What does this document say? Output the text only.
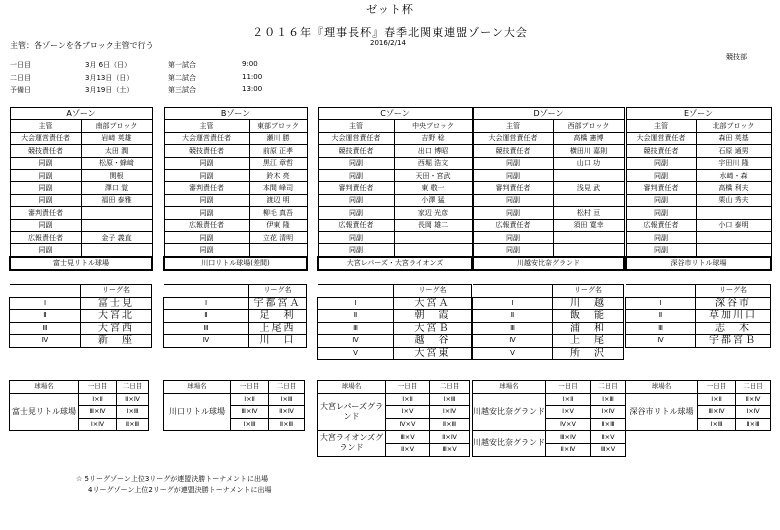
ゼット杯
２０１６年『理事長杯』春季北関東連盟ゾーン大会
2016/2/14
主管：各ゾーンを各ブロック主管で行う
競技部
一日目	3月 6日（日）	第一試合	9:00
二日目	3月13日（日）	第二試合	11:00
予備日	3月19日（土）	第三試合	13:00
Aゾーン	
主管	南部ブロック
大会運営責任者	岩﨑 英雄
競技責任者	太田 潤
同副	松原・蜂﨑
同副	関根
同副	澤口 覚
同副	福田 泰雅
審判責任者	
同副	
広報責任者	金子 義直
同副	
富士見リトル球場	
	リーグ名
Ⅰ	富士見
Ⅱ	大宮北
Ⅲ	大宮西
Ⅳ	新　座
球場名	一日目	二日目
富士見リトル球場	Ⅰ×Ⅱ	Ⅱ×Ⅳ
	Ⅲ×Ⅳ	Ⅰ×Ⅲ
	Ⅰ×Ⅳ	Ⅱ×Ⅲ
Bゾーン	
主管	東部ブロック
大会運営責任者	瀬川 勝
競技責任者	前原 正孝
同副	黒江 章哲
同副	鈴木 亮
審判責任者	本間 峰司
同副	渡辺 明
同副	柳毛 真吾
広報責任者	伊東 隆
同副	立花 清明
同副	
川口リトル球場(差間)	
	リーグ名
Ⅰ	宇都宮Ａ
Ⅱ	足　利
Ⅲ	上尾西
Ⅳ	川　口
球場名	一日目	二日目
川口リトル球場	Ⅰ×Ⅱ	Ⅰ×Ⅲ
	Ⅲ×Ⅳ	Ⅱ×Ⅳ
	Ⅰ×Ⅲ	Ⅱ×Ⅲ
Cゾーン	
主管	中央ブロック
大会運営責任者	吉野 稔
競技責任者	出口 博昭
同副	西堀 浩文
同副	天田・宮武
審判責任者	東 敬一
同副	小澤 猛
同副	家辺 光彦
広報責任者	長岡 雄二
同副	
同副	
大宮レパーズ・大宮ライオンズ	
	リーグ名
Ⅰ	大宮Ａ
Ⅱ	朝　霞
Ⅲ	大宮Ｂ
Ⅳ	越　谷
Ⅴ	大宮東
球場名	一日目	二日目
大宮レパーズグランド	Ⅰ×Ⅱ	Ⅰ×Ⅲ
	Ⅰ×Ⅴ	Ⅰ×Ⅳ
	Ⅳ×Ⅴ	Ⅱ×Ⅲ
大宮ライオンズグランド	Ⅲ×Ⅴ	Ⅱ×Ⅳ
	Ⅱ×Ⅴ	Ⅲ×Ⅴ
Dゾーン	
主管	西部ブロック
大会運営責任者	高橋 憲博
競技責任者	横田川 嘉則
同副	山口 功
同副	
審判責任者	浅見 武
同副	
同副	松村 亘
広報責任者	須田 寛幸
同副	
同副	
川越安比奈グランド	
	リーグ名
Ⅰ	川　越
Ⅱ	飯　能
Ⅲ	浦　和
Ⅳ	上　尾
Ⅴ	所　沢
球場名	一日目	二日目
川越安比奈グランド	Ⅰ×Ⅱ	Ⅰ×Ⅲ
	Ⅰ×Ⅴ	Ⅰ×Ⅳ
	Ⅳ×Ⅴ	Ⅱ×Ⅲ
川越安比奈グランド	Ⅲ×Ⅳ	Ⅱ×Ⅴ
	Ⅱ×Ⅳ	Ⅲ×Ⅴ
Eゾーン	
主管	北部ブロック
大会運営責任者	森田 英基
競技責任者	石原 通男
同副	宇田川 隆
同副	水﨑・森
審判責任者	高橋 利夫
同副	栗山 秀夫
同副	
広報責任者	小口 泰明
同副	
同副	
深谷市リトル球場	
	リーグ名
Ⅰ	深谷市
Ⅱ	草加川口
Ⅲ	志　木
Ⅳ	宇都宮Ｂ
球場名	一日目	二日目
深谷市リトル球場	Ⅰ×Ⅱ	Ⅱ×Ⅳ
	Ⅲ×Ⅳ	Ⅰ×Ⅳ
	Ⅰ×Ⅲ	Ⅱ×Ⅲ
☆ 5リーグゾーン上位3リーグが連盟決勝トーナメントに出場
4リーグゾーン上位2リーグが連盟決勝トーナメントに出場
